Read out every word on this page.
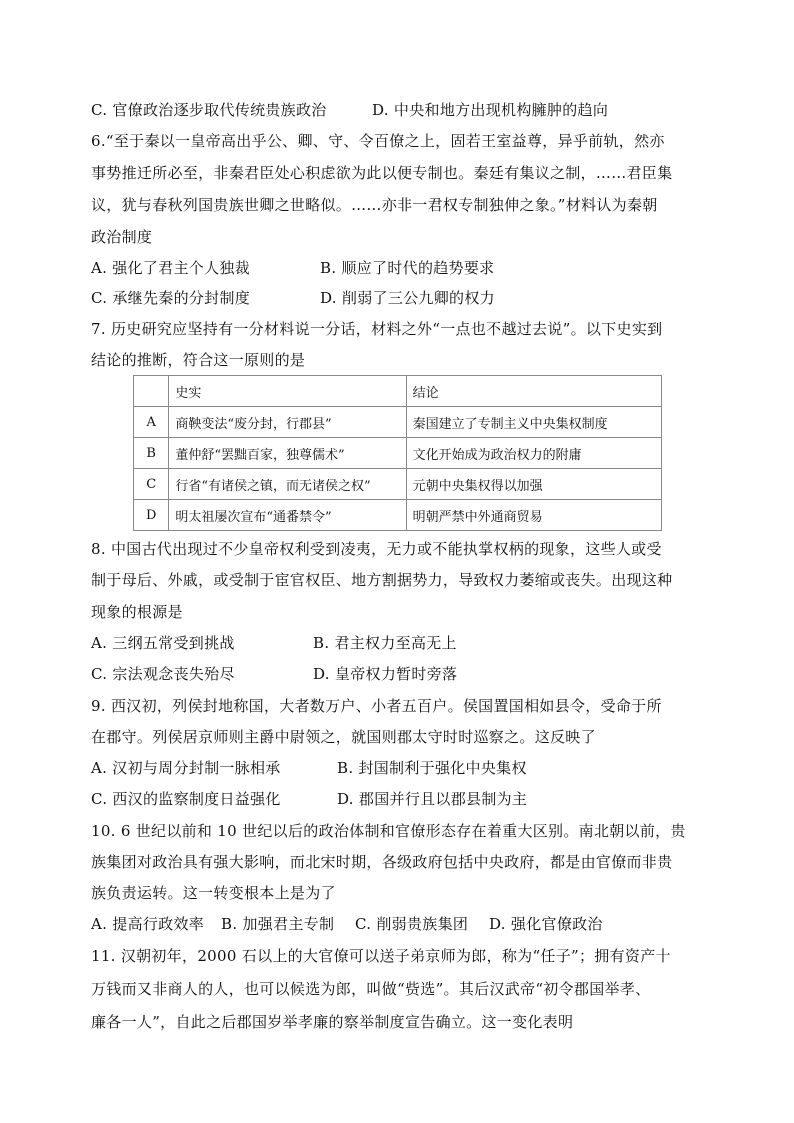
C. 官僚政治逐步取代传统贵族政治	D. 中央和地方出现机构臃肿的趋向
6.“至于秦以一皇帝高出乎公、卿、守、令百僚之上，固若王室益尊，异乎前轨，然亦
事势推迁所必至，非秦君臣处心积虑欲为此以便专制也。秦廷有集议之制，……君臣集
议，犹与春秋列国贵族世卿之世略似。……亦非一君权专制独伸之象。”材料认为秦朝
政治制度
A. 强化了君主个人独裁	B. 顺应了时代的趋势要求
C. 承继先秦的分封制度	D. 削弱了三公九卿的权力
7. 历史研究应坚持有一分材料说一分话，材料之外“一点也不越过去说”。以下史实到
结论的推断，符合这一原则的是
	史实	结论
A	商鞅变法“废分封，行郡县”	秦国建立了专制主义中央集权制度
B	董仲舒“罢黜百家，独尊儒术”	文化开始成为政治权力的附庸
C	行省“有诸侯之镇，而无诸侯之权”	元朝中央集权得以加强
D	明太祖屡次宣布“通番禁令”	明朝严禁中外通商贸易
8. 中国古代出现过不少皇帝权利受到凌夷，无力或不能执掌权柄的现象，这些人或受
制于母后、外戚，或受制于宦官权臣、地方割据势力，导致权力萎缩或丧失。出现这种
现象的根源是
A. 三纲五常受到挑战	B. 君主权力至高无上
C. 宗法观念丧失殆尽	D. 皇帝权力暂时旁落
9. 西汉初，列侯封地称国，大者数万户、小者五百户。侯国置国相如县令，受命于所
在郡守。列侯居京师则主爵中尉领之，就国则郡太守时时巡察之。这反映了
A. 汉初与周分封制一脉相承	B. 封国制利于强化中央集权
C. 西汉的监察制度日益强化	D. 郡国并行且以郡县制为主
10. 6 世纪以前和 10 世纪以后的政治体制和官僚形态存在着重大区别。南北朝以前，贵
族集团对政治具有强大影响，而北宋时期，各级政府包括中央政府，都是由官僚而非贵
族负责运转。这一转变根本上是为了
A. 提高行政效率 B. 加强君主专制 C. 削弱贵族集团 D. 强化官僚政治
11. 汉朝初年，2000 石以上的大官僚可以送子弟京师为郎，称为“任子”；拥有资产十
万钱而又非商人的人，也可以候选为郎，叫做“赀选”。其后汉武帝“初令郡国举孝、
廉各一人”，自此之后郡国岁举孝廉的察举制度宣告确立。这一变化表明
